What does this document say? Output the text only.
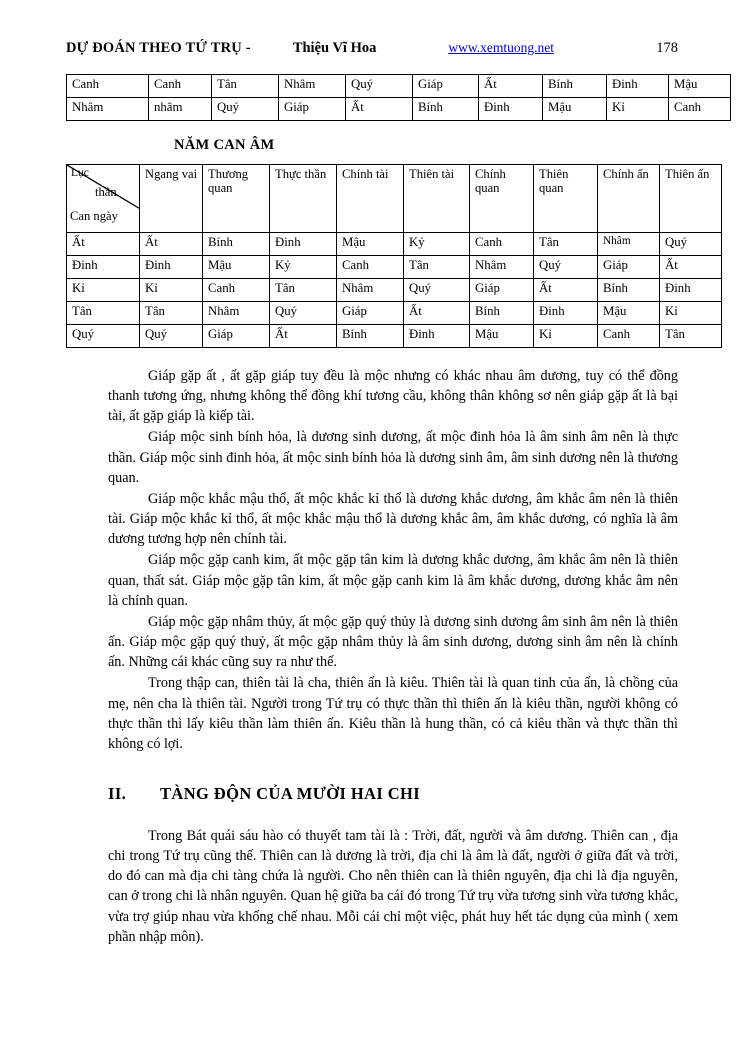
DỰ ĐOÁN THEO TỨ TRỤ -	Thiệu Vĩ Hoa	www.xemtuong.net	178
Canh	Canh	Tân	Nhâm	Quý	Giáp	Ất	Bính	Đinh	Mậu	
Nhâm	nhâm	Quý	Giáp	Ất	Bính	Đinh	Mậu	Kỉ	Canh	
NĂM CAN ÂM
Lục
thần
Can ngày	Ngang vai	Thương quan	Thực thần	Chính tài	Thiên tài	Chính quan	Thiên quan	Chính ấn	Thiên ấn	
Ất	Ất	Bính	Đinh	Mậu	Kỷ	Canh	Tân	Nhâm	Quý	
Đinh	Đinh	Mậu	Kỷ	Canh	Tân	Nhâm	Quý	Giáp	Ất	
Kỉ	Kỉ	Canh	Tân	Nhâm	Quý	Giáp	Ất	Bính	Đinh	
Tân	Tân	Nhâm	Quý	Giáp	Ất	Bính	Đinh	Mậu	Kỉ	
Quý	Quý	Giáp	Ất	Bính	Đinh	Mậu	Kỉ	Canh	Tân	

Giáp gặp ất , ất gặp giáp tuy đều là mộc nhưng có khác nhau âm dương, tuy có thể đồng thanh tương ứng, nhưng không thể đồng khí tương cầu, không thân không sơ nên giáp gặp ất là bại tài, ất gặp giáp là kiếp tài.

Giáp mộc sinh bính hỏa, là dương sinh dương, ất mộc đinh hỏa là âm sinh âm nên là thực thần. Giáp mộc sinh đinh hỏa, ất mộc sinh bính hỏa là dương sinh âm, âm sinh dương nên là thương quan.

Giáp mộc khắc mậu thổ, ất mộc khắc kỉ thổ là dương khắc dương, âm khắc âm nên là thiên tài. Giáp mộc khắc kỉ thổ, ất mộc khắc mậu thổ là dương khắc âm, âm khắc dương, có nghĩa là âm dương tương hợp nên chính tài.

Giáp mộc gặp canh kim, ất mộc gặp tân kim là dương khắc dương, âm khắc âm nên là thiên quan, thất sát. Giáp mộc gặp tân kim, ất mộc gặp canh kim là âm khắc dương, dương khắc âm nên là chính quan.

Giáp mộc gặp nhâm thủy, ất mộc gặp quý thủy là dương sinh dương âm sinh âm nên là thiên ấn. Giáp mộc gặp quý thuỷ, ất mộc gặp nhâm thủy là âm sinh dương, dương sinh âm nên là chính ấn. Những cái khác cũng suy ra như thế.

Trong thập can, thiên tài là cha, thiên ấn là kiêu. Thiên tài là quan tinh của ấn, là chồng của mẹ, nên cha là thiên tài. Người trong Tứ trụ có thực thần thì thiên ấn là kiêu thần, người không có thực thần thì lấy kiêu thần làm thiên ấn. Kiêu thần là hung thần, có cả kiêu thần và thực thần thì không có lợi.

II. TÀNG ĐỘN CỦA MƯỜI HAI CHI

Trong Bát quái sáu hào có thuyết tam tài là : Trời, đất, người và âm dương. Thiên can , địa chi trong Tứ trụ cũng thế. Thiên can là dương là trời, địa chi là âm là đất, người ở giữa đất và trời, do đó can mà địa chi tàng chứa là người. Cho nên thiên can là thiên nguyên, địa chi là địa nguyên, can ở trong chi là nhân nguyên. Quan hệ giữa ba cái đó trong Tứ trụ vừa tương sinh vừa tương khắc, vừa trợ giúp nhau vừa khống chế nhau. Mỗi cái chỉ một việc, phát huy hết tác dụng của mình ( xem phần nhập môn).
